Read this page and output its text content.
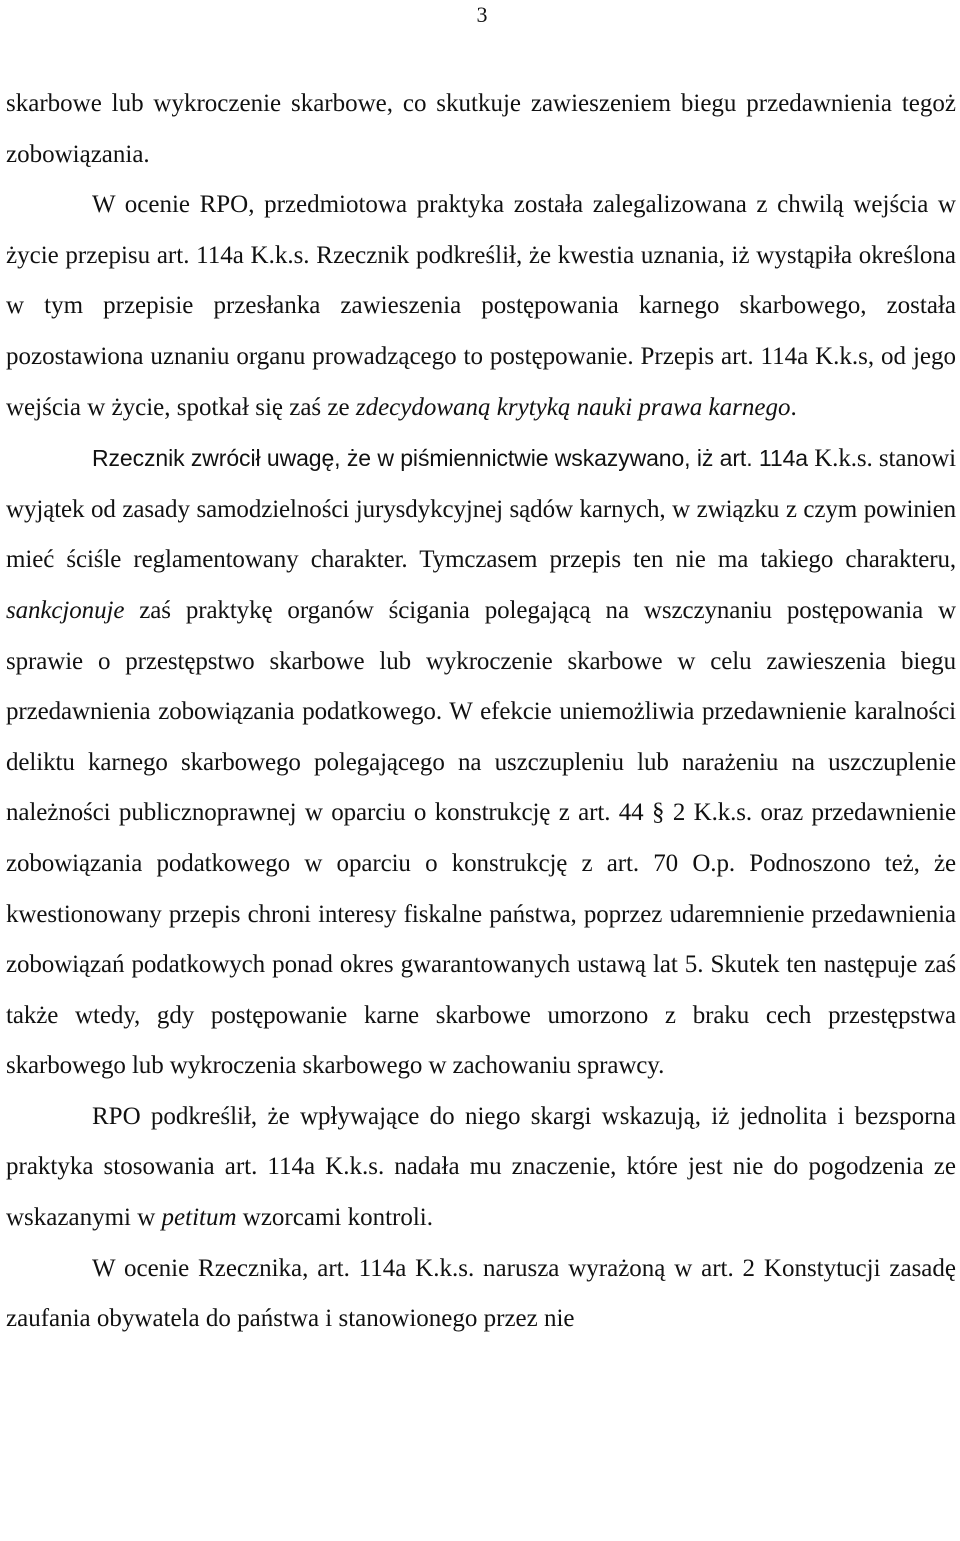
3

skarbowe lub wykroczenie skarbowe, co skutkuje zawieszeniem biegu przedawnienia tegoż zobowiązania.

W ocenie RPO, przedmiotowa praktyka została zalegalizowana z chwilą wejścia w życie przepisu art. 114a K.k.s. Rzecznik podkreślił, że kwestia uznania, iż wystąpiła określona w tym przepisie przesłanka zawieszenia postępowania karnego skarbowego, została pozostawiona uznaniu organu prowadzącego to postępowanie. Przepis art. 114a K.k.s, od jego wejścia w życie, spotkał się zaś ze zdecydowaną krytyką nauki prawa karnego.

Rzecznik zwrócił uwagę, że w piśmiennictwie wskazywano, iż art. 114a K.k.s. stanowi wyjątek od zasady samodzielności jurysdykcyjnej sądów karnych, w związku z czym powinien mieć ściśle reglamentowany charakter. Tymczasem przepis ten nie ma takiego charakteru, sankcjonuje zaś praktykę organów ścigania polegającą na wszczynaniu postępowania w sprawie o przestępstwo skarbowe lub wykroczenie skarbowe w celu zawieszenia biegu przedawnienia zobowiązania podatkowego. W efekcie uniemożliwia przedawnienie karalności deliktu karnego skarbowego polegającego na uszczupleniu lub narażeniu na uszczuplenie należności publicznoprawnej w oparciu o konstrukcję z art. 44 § 2 K.k.s. oraz przedawnienie zobowiązania podatkowego w oparciu o konstrukcję z art. 70 O.p. Podnoszono też, że kwestionowany przepis chroni interesy fiskalne państwa, poprzez udaremnienie przedawnienia zobowiązań podatkowych ponad okres gwarantowanych ustawą lat 5. Skutek ten następuje zaś także wtedy, gdy postępowanie karne skarbowe umorzono z braku cech przestępstwa skarbowego lub wykroczenia skarbowego w zachowaniu sprawcy.

RPO podkreślił, że wpływające do niego skargi wskazują, iż jednolita i bezsporna praktyka stosowania art. 114a K.k.s. nadała mu znaczenie, które jest nie do pogodzenia ze wskazanymi w petitum wzorcami kontroli.

W ocenie Rzecznika, art. 114a K.k.s. narusza wyrażoną w art. 2 Konstytucji zasadę zaufania obywatela do państwa i stanowionego przez nie
